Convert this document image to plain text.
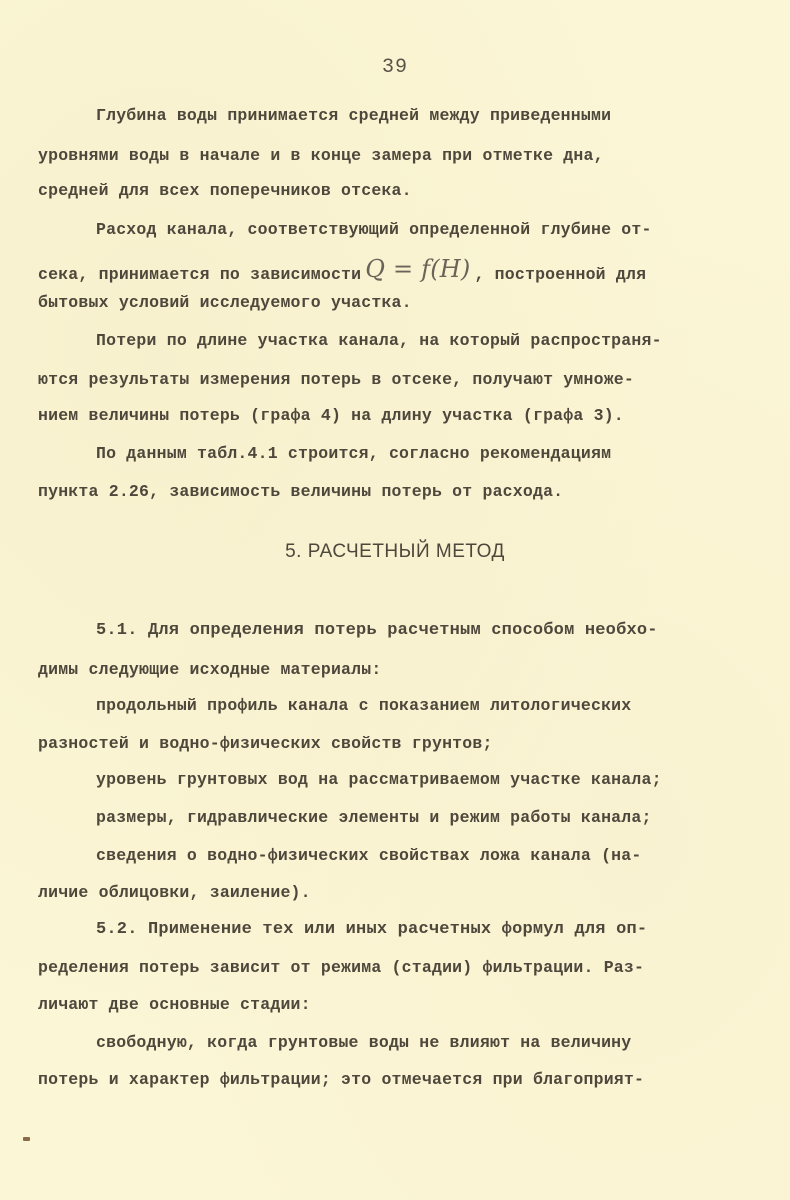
39
Глубина воды принимается средней между приведенными
уровнями воды в начале и в конце замера при отметке дна,
средней для всех поперечников отсека.
Расход канала, соответствующий определенной глубине от-
сека, принимается по зависимости Q = f(H) , построенной для
бытовых условий исследуемого участка.
Потери по длине участка канала, на который распространя-
ются результаты измерения потерь в отсеке, получают умноже-
нием величины потерь (графа 4) на длину участка (графа 3).
По данным табл.4.1 строится, согласно рекомендациям
пункта 2.26, зависимость величины потерь от расхода.
5. РАСЧЕТНЫЙ МЕТОД
5.1. Для определения потерь расчетным способом необхо-
димы следующие исходные материалы:
продольный профиль канала с показанием литологических
разностей и водно-физических свойств грунтов;
уровень грунтовых вод на рассматриваемом участке канала;
размеры, гидравлические элементы и режим работы канала;
сведения о водно-физических свойствах ложа канала (на-
личие облицовки, заиление).
5.2. Применение тех или иных расчетных формул для оп-
ределения потерь зависит от режима (стадии) фильтрации. Раз-
личают две основные стадии:
свободную, когда грунтовые воды не влияют на величину
потерь и характер фильтрации; это отмечается при благоприят-
